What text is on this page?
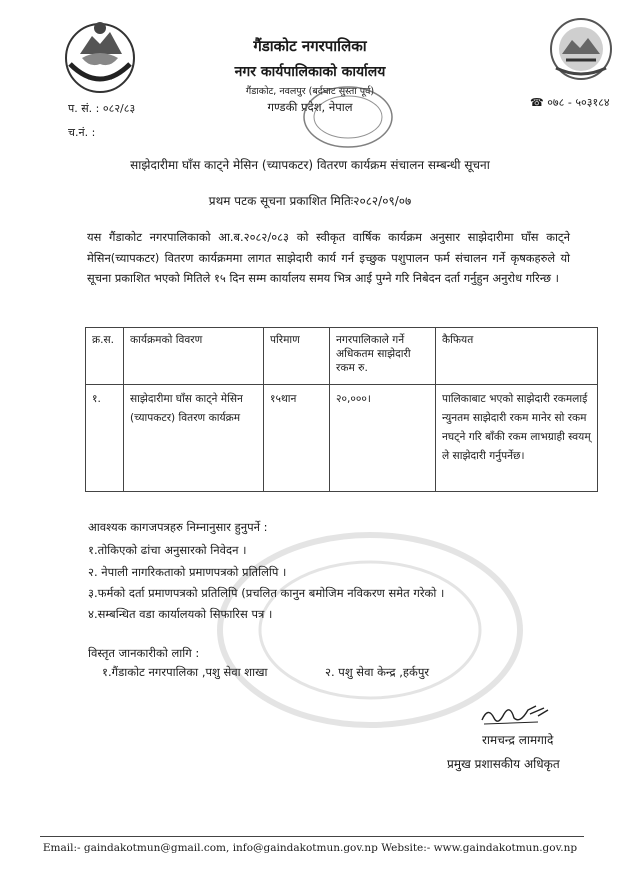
गैंडाकोट नगरपालिका
नगर कार्यपालिकाको कार्यालय
गैंडाकोट, नवलपुर (बर्दघाट सुस्ता पूर्व)
गण्डकी प्रदेश, नेपाल
प. सं. : ०८२/८३
च.नं. :
☎ ०७८ - ५०३१८४
साझेदारीमा घाँस काट्ने मेसिन (च्यापकटर) वितरण कार्यक्रम संचालन सम्बन्धी सूचना
प्रथम पटक सूचना प्रकाशित मितिः२०८२/०९/०७
यस गैंडाकोट नगरपालिकाको आ.ब.२०८२/०८३ को स्वीकृत वार्षिक कार्यक्रम अनुसार साझेदारीमा घाँस काट्ने मेसिन(च्यापकटर) वितरण कार्यक्रममा लागत साझेदारी कार्य गर्न इच्छुक पशुपालन फर्म संचालन गर्ने कृषकहरुले यो सूचना प्रकाशित भएको मितिले १५ दिन सम्म कार्यालय समय भित्र आई पुग्ने गरि निबेदन दर्ता गर्नुहुन अनुरोध गरिन्छ ।
क्र.स.	कार्यक्रमको विवरण	परिमाण	नगरपालिकाले गर्ने अधिकतम साझेदारी रकम रु.	कैफियत
१.	साझेदारीमा घाँस काट्ने मेसिन (च्यापकटर) वितरण कार्यक्रम	१५थान	२०,०००।	पालिकाबाट भएको साझेदारी रकमलाई न्युनतम साझेदारी रकम मानेर सो रकम नघट्ने गरि बाँकी रकम लाभग्राही स्वयम् ले साझेदारी गर्नुपर्नेछ।
आवश्यक कागजपत्रहरु निम्नानुसार हुनुपर्ने :
१.तोकिएको ढांचा अनुसारको निवेदन ।
२. नेपाली नागरिकताको प्रमाणपत्रको प्रतिलिपि ।
३.फर्मको दर्ता प्रमाणपत्रको प्रतिलिपि (प्रचलित कानुन बमोजिम नविकरण समेत गरेको ।
४.सम्बन्धित वडा कार्यालयको सिफारिस पत्र ।
विस्तृत जानकारीको लागि :
१.गैंडाकोट नगरपालिका ,पशु सेवा शाखा	२. पशु सेवा केन्द्र ,हर्कपुर
रामचन्द्र लामगादे
प्रमुख प्रशासकीय अधिकृत
Email:- gaindakotmun@gmail.com, info@gaindakotmun.gov.np Website:- www.gaindakotmun.gov.np
